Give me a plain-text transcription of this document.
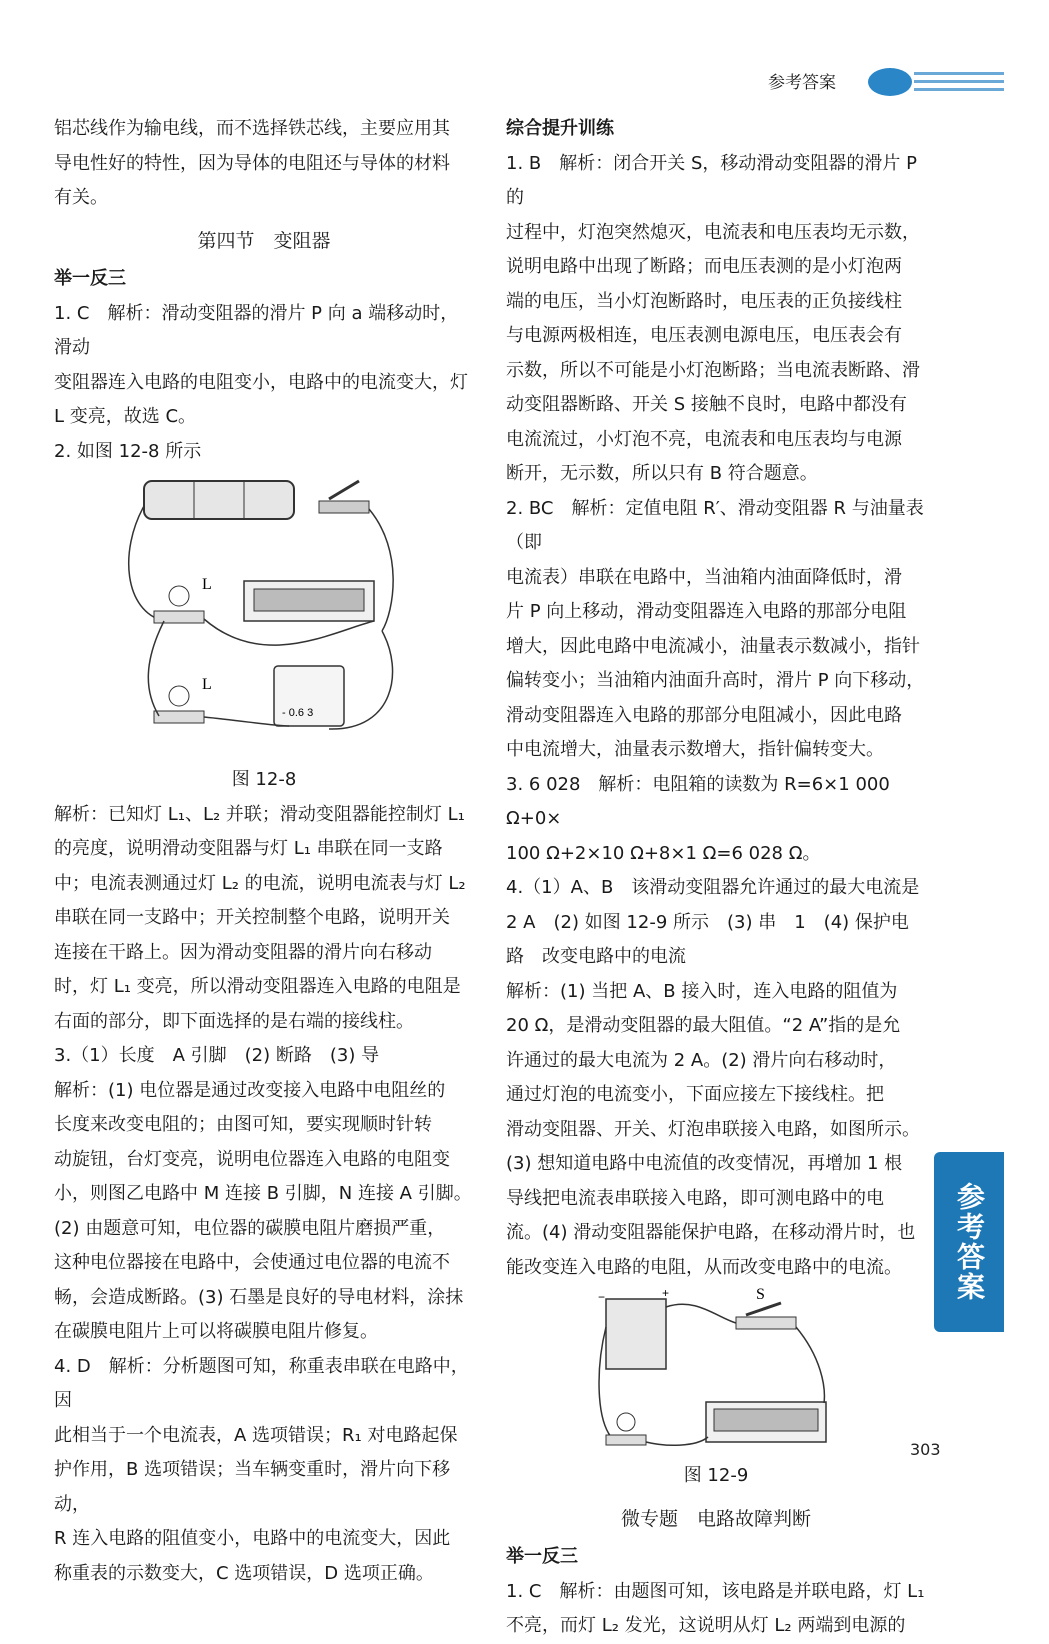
参考答案

铝芯线作为输电线，而不选择铁芯线，主要应用其

导电性好的特性，因为导体的电阻还与导体的材料

有关。

第四节　变阻器

举一反三

1. C　解析：滑动变阻器的滑片 P 向 a 端移动时，滑动

变阻器连入电路的电阻变小，电路中的电流变大，灯

L 变亮，故选 C。

2. 如图 12-8 所示

L
L
- 0.6 3

图 12-8

解析：已知灯 L₁、L₂ 并联；滑动变阻器能控制灯 L₁

的亮度，说明滑动变阻器与灯 L₁ 串联在同一支路

中；电流表测通过灯 L₂ 的电流，说明电流表与灯 L₂

串联在同一支路中；开关控制整个电路，说明开关

连接在干路上。因为滑动变阻器的滑片向右移动

时，灯 L₁ 变亮，所以滑动变阻器连入电路的电阻是

右面的部分，即下面选择的是右端的接线柱。

3.（1）长度　A 引脚　(2) 断路　(3) 导

解析：(1) 电位器是通过改变接入电路中电阻丝的

长度来改变电阻的；由图可知，要实现顺时针转

动旋钮，台灯变亮，说明电位器连入电路的电阻变

小，则图乙电路中 M 连接 B 引脚，N 连接 A 引脚。

(2) 由题意可知，电位器的碳膜电阻片磨损严重，

这种电位器接在电路中，会使通过电位器的电流不

畅，会造成断路。(3) 石墨是良好的导电材料，涂抹

在碳膜电阻片上可以将碳膜电阻片修复。

4. D　解析：分析题图可知，称重表串联在电路中，因

此相当于一个电流表，A 选项错误；R₁ 对电路起保

护作用，B 选项错误；当车辆变重时，滑片向下移动，

R 连入电路的阻值变小，电路中的电流变大，因此

称重表的示数变大，C 选项错误，D 选项正确。

综合提升训练

1. B　解析：闭合开关 S，移动滑动变阻器的滑片 P 的

过程中，灯泡突然熄灭，电流表和电压表均无示数，

说明电路中出现了断路；而电压表测的是小灯泡两

端的电压，当小灯泡断路时，电压表的正负接线柱

与电源两极相连，电压表测电源电压，电压表会有

示数，所以不可能是小灯泡断路；当电流表断路、滑

动变阻器断路、开关 S 接触不良时，电路中都没有

电流流过，小灯泡不亮，电流表和电压表均与电源

断开，无示数，所以只有 B 符合题意。

2. BC　解析：定值电阻 R′、滑动变阻器 R 与油量表（即

电流表）串联在电路中，当油箱内油面降低时，滑

片 P 向上移动，滑动变阻器连入电路的那部分电阻

增大，因此电路中电流减小，油量表示数减小，指针

偏转变小；当油箱内油面升高时，滑片 P 向下移动，

滑动变阻器连入电路的那部分电阻减小，因此电路

中电流增大，油量表示数增大，指针偏转变大。

3. 6 028　解析：电阻箱的读数为 R=6×1 000 Ω+0×

100 Ω+2×10 Ω+8×1 Ω=6 028 Ω。

4.（1）A、B　该滑动变阻器允许通过的最大电流是

2 A　(2) 如图 12-9 所示　(3) 串　1　(4) 保护电

路　改变电路中的电流

解析：(1) 当把 A、B 接入时，连入电路的阻值为

20 Ω，是滑动变阻器的最大阻值。“2 A”指的是允

许通过的最大电流为 2 A。(2) 滑片向右移动时，

通过灯泡的电流变小，下面应接左下接线柱。把

滑动变阻器、开关、灯泡串联接入电路，如图所示。

(3) 想知道电路中电流值的改变情况，再增加 1 根

导线把电流表串联接入电路，即可测电路中的电

流。(4) 滑动变阻器能保护电路，在移动滑片时，也

能改变连入电路的电阻，从而改变电路中的电流。

−	+	S

图 12-9

微专题　电路故障判断

举一反三

1. C　解析：由题图可知，该电路是并联电路，灯 L₁

不亮，而灯 L₂ 发光，这说明从灯 L₂ 两端到电源的

参考答案
303
